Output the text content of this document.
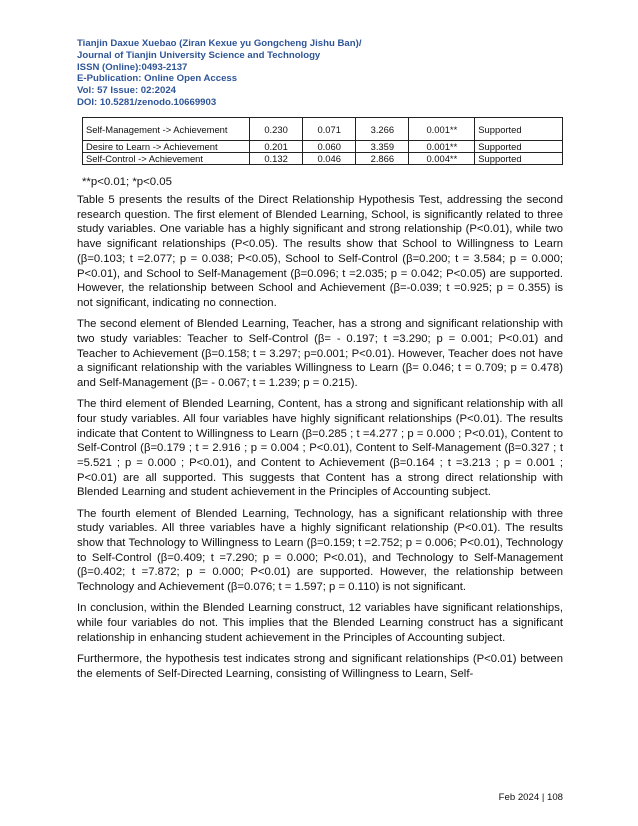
Tianjin Daxue Xuebao (Ziran Kexue yu Gongcheng Jishu Ban)/
Journal of Tianjin University Science and Technology
ISSN (Online):0493-2137
E-Publication: Online Open Access
Vol: 57 Issue: 02:2024
DOI: 10.5281/zenodo.10669903
Self-Management -> Achievement	0.230	0.071	3.266	0.001**	Supported
Desire to Learn -> Achievement	0.201	0.060	3.359	0.001**	Supported
Self-Control -> Achievement	0.132	0.046	2.866	0.004**	Supported
**p<0.01; *p<0.05

Table 5 presents the results of the Direct Relationship Hypothesis Test, addressing the second research question. The first element of Blended Learning, School, is significantly related to three study variables. One variable has a highly significant and strong relationship (P<0.01), while two have significant relationships (P<0.05). The results show that School to Willingness to Learn (β=0.103; t =2.077; p = 0.038; P<0.05), School to Self-Control (β=0.200; t = 3.584; p = 0.000; P<0.01), and School to Self-Management (β=0.096; t =2.035; p = 0.042; P<0.05) are supported. However, the relationship between School and Achievement (β=-0.039; t =0.925; p = 0.355) is not significant, indicating no connection.

The second element of Blended Learning, Teacher, has a strong and significant relationship with two study variables: Teacher to Self-Control (β= - 0.197; t =3.290; p = 0.001; P<0.01) and Teacher to Achievement (β=0.158; t = 3.297; p=0.001; P<0.01). However, Teacher does not have a significant relationship with the variables Willingness to Learn (β= 0.046; t = 0.709; p = 0.478) and Self-Management (β= - 0.067; t = 1.239; p = 0.215).

The third element of Blended Learning, Content, has a strong and significant relationship with all four study variables. All four variables have highly significant relationships (P<0.01). The results indicate that Content to Willingness to Learn (β=0.285 ; t =4.277 ; p = 0.000 ; P<0.01), Content to Self-Control (β=0.179 ; t = 2.916 ; p = 0.004 ; P<0.01), Content to Self-Management (β=0.327 ; t =5.521 ; p = 0.000 ; P<0.01), and Content to Achievement (β=0.164 ; t =3.213 ; p = 0.001 ; P<0.01) are all supported. This suggests that Content has a strong direct relationship with Blended Learning and student achievement in the Principles of Accounting subject.

The fourth element of Blended Learning, Technology, has a significant relationship with three study variables. All three variables have a highly significant relationship (P<0.01). The results show that Technology to Willingness to Learn (β=0.159; t =2.752; p = 0.006; P<0.01), Technology to Self-Control (β=0.409; t =7.290; p = 0.000; P<0.01), and Technology to Self-Management (β=0.402; t =7.872; p = 0.000; P<0.01) are supported. However, the relationship between Technology and Achievement (β=0.076; t = 1.597; p = 0.110) is not significant.

In conclusion, within the Blended Learning construct, 12 variables have significant relationships, while four variables do not. This implies that the Blended Learning construct has a significant relationship in enhancing student achievement in the Principles of Accounting subject.

Furthermore, the hypothesis test indicates strong and significant relationships (P<0.01) between the elements of Self-Directed Learning, consisting of Willingness to Learn, Self-

Feb 2024 | 108
